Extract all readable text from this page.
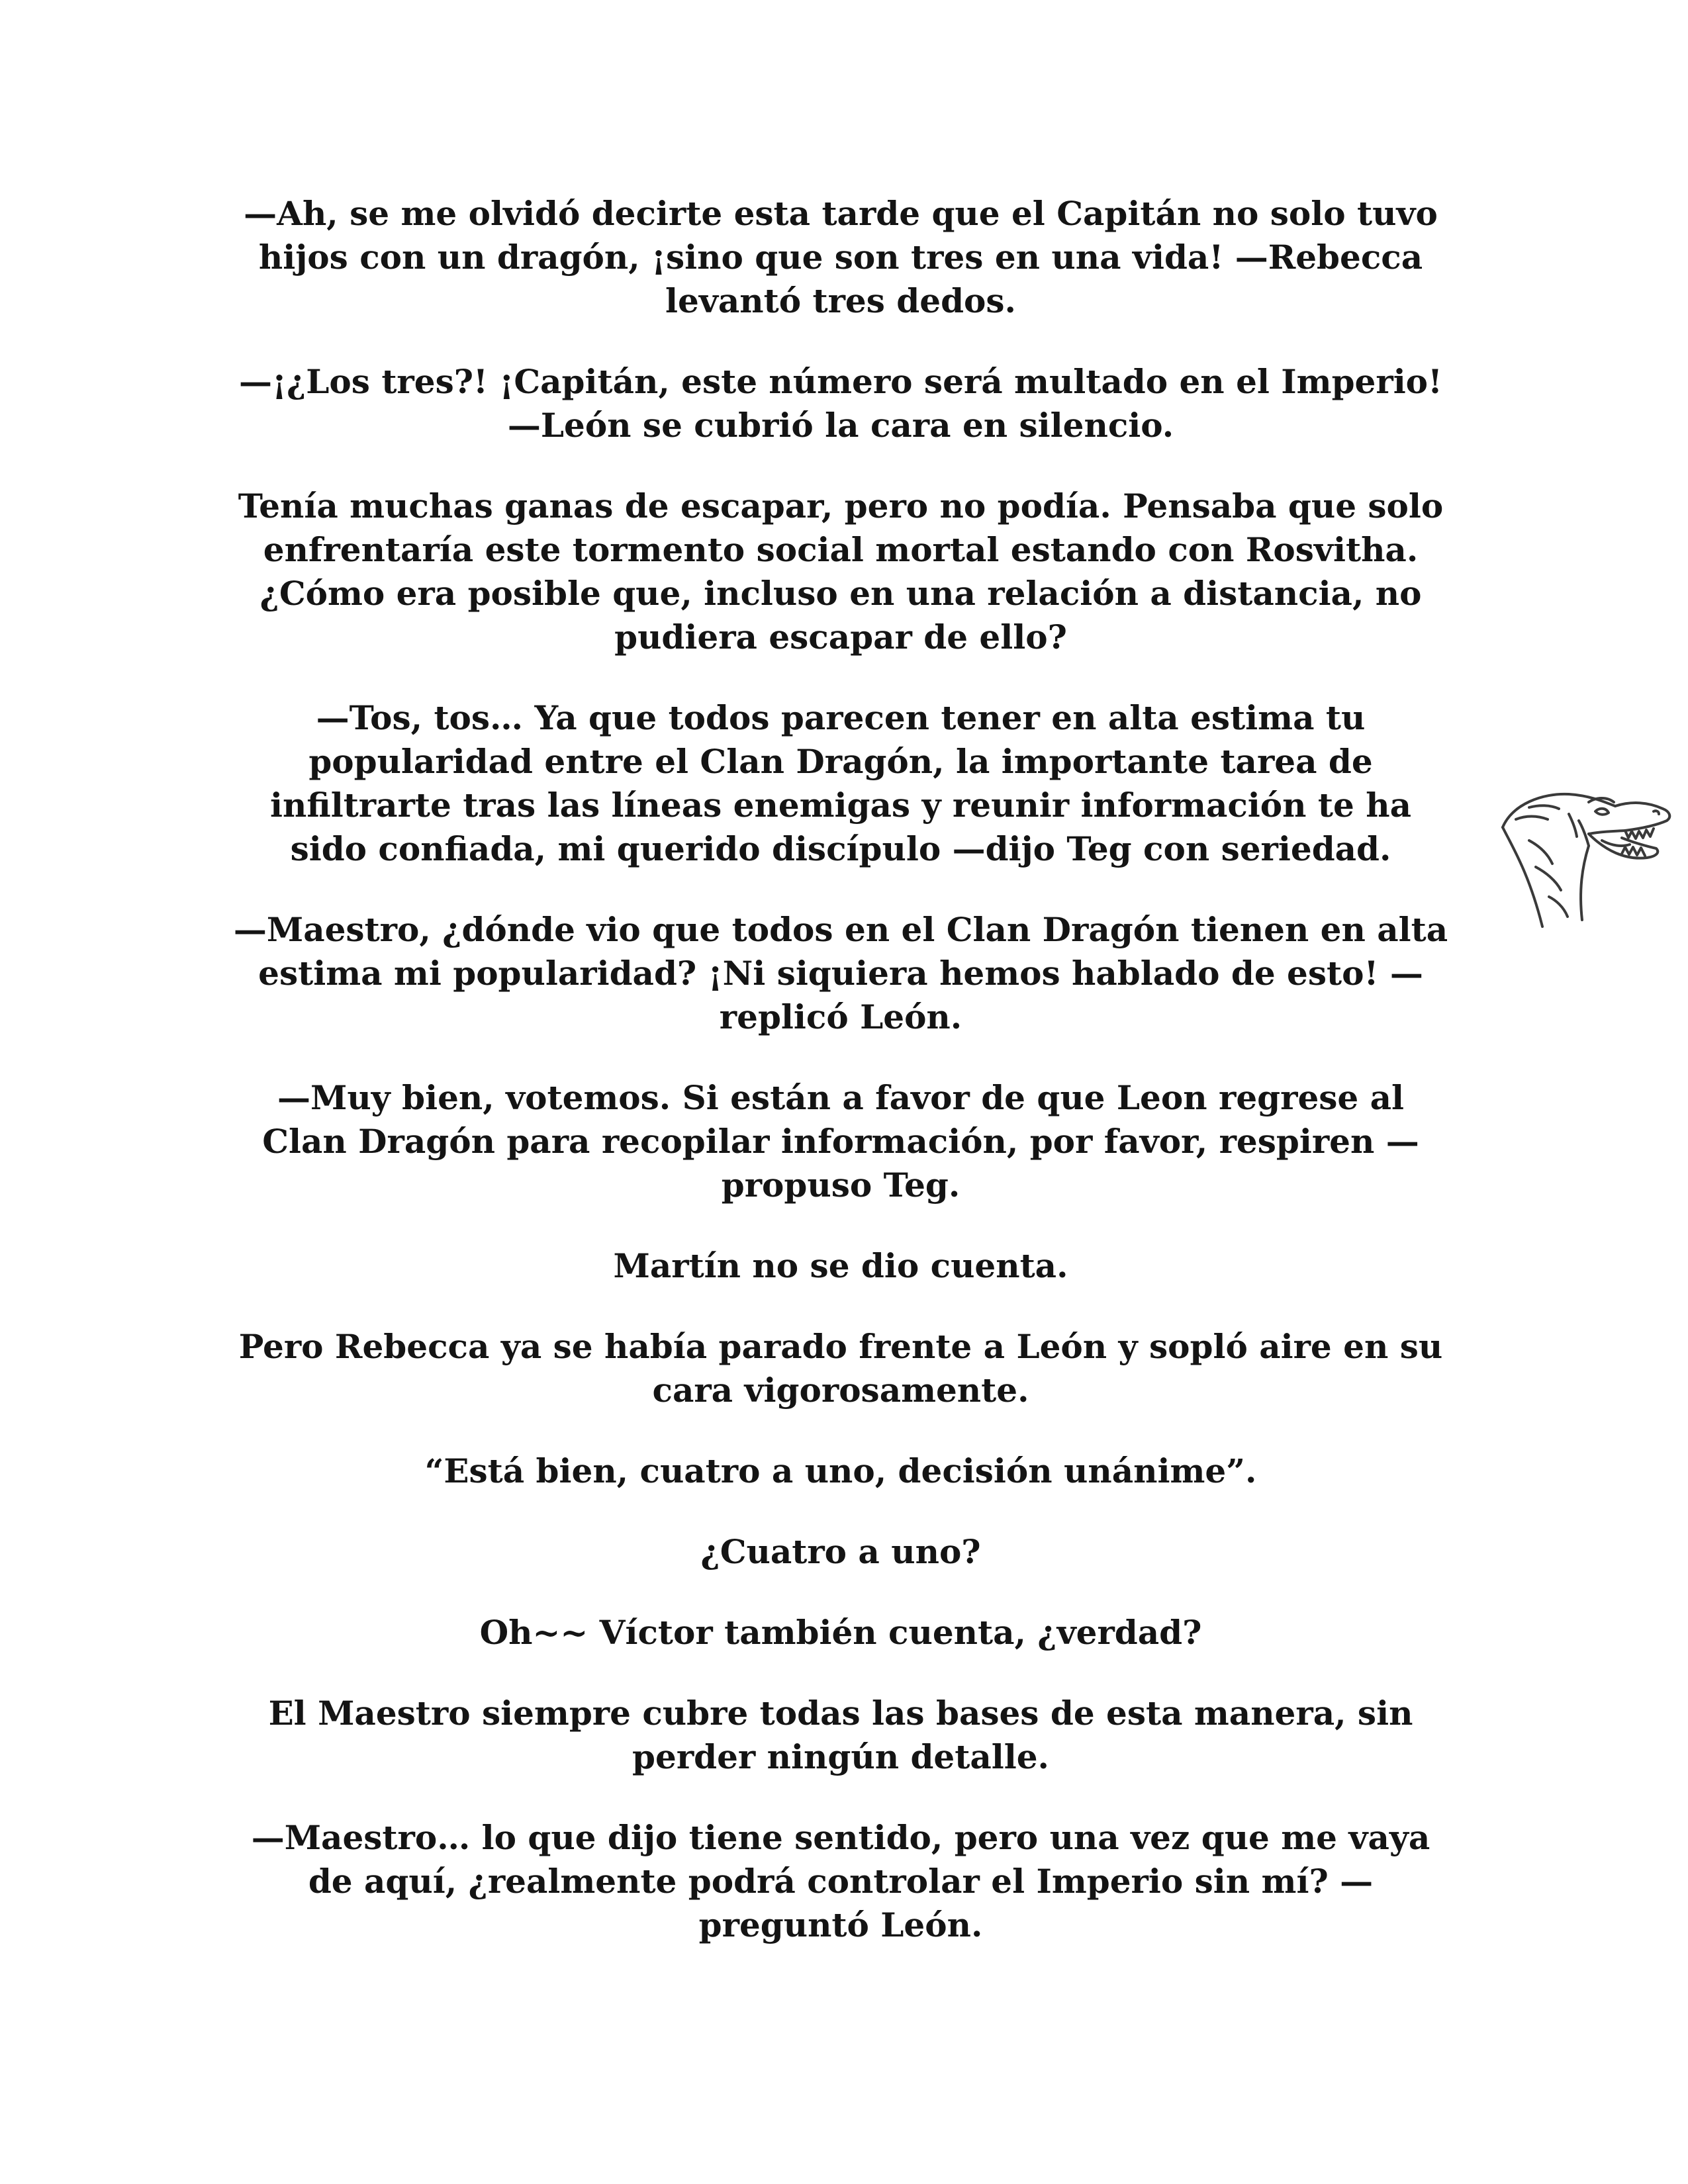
—Ah, se me olvidó decirte esta tarde que el Capitán no solo tuvo hijos con un dragón, ¡sino que son tres en una vida! —Rebecca levantó tres dedos.

—¡¿Los tres?! ¡Capitán, este número será multado en el Imperio! —León se cubrió la cara en silencio.

Tenía muchas ganas de escapar, pero no podía. Pensaba que solo enfrentaría este tormento social mortal estando con Rosvitha. ¿Cómo era posible que, incluso en una relación a distancia, no pudiera escapar de ello?

—Tos, tos… Ya que todos parecen tener en alta estima tu popularidad entre el Clan Dragón, la importante tarea de infiltrarte tras las líneas enemigas y reunir información te ha sido confiada, mi querido discípulo —dijo Teg con seriedad.

—Maestro, ¿dónde vio que todos en el Clan Dragón tienen en alta estima mi popularidad? ¡Ni siquiera hemos hablado de esto! —replicó León.

—Muy bien, votemos. Si están a favor de que Leon regrese al Clan Dragón para recopilar información, por favor, respiren —propuso Teg.

Martín no se dio cuenta.

Pero Rebecca ya se había parado frente a León y sopló aire en su cara vigorosamente.

“Está bien, cuatro a uno, decisión unánime”.

¿Cuatro a uno?

Oh~~ Víctor también cuenta, ¿verdad?

El Maestro siempre cubre todas las bases de esta manera, sin perder ningún detalle.

—Maestro… lo que dijo tiene sentido, pero una vez que me vaya de aquí, ¿realmente podrá controlar el Imperio sin mí? —preguntó León.
